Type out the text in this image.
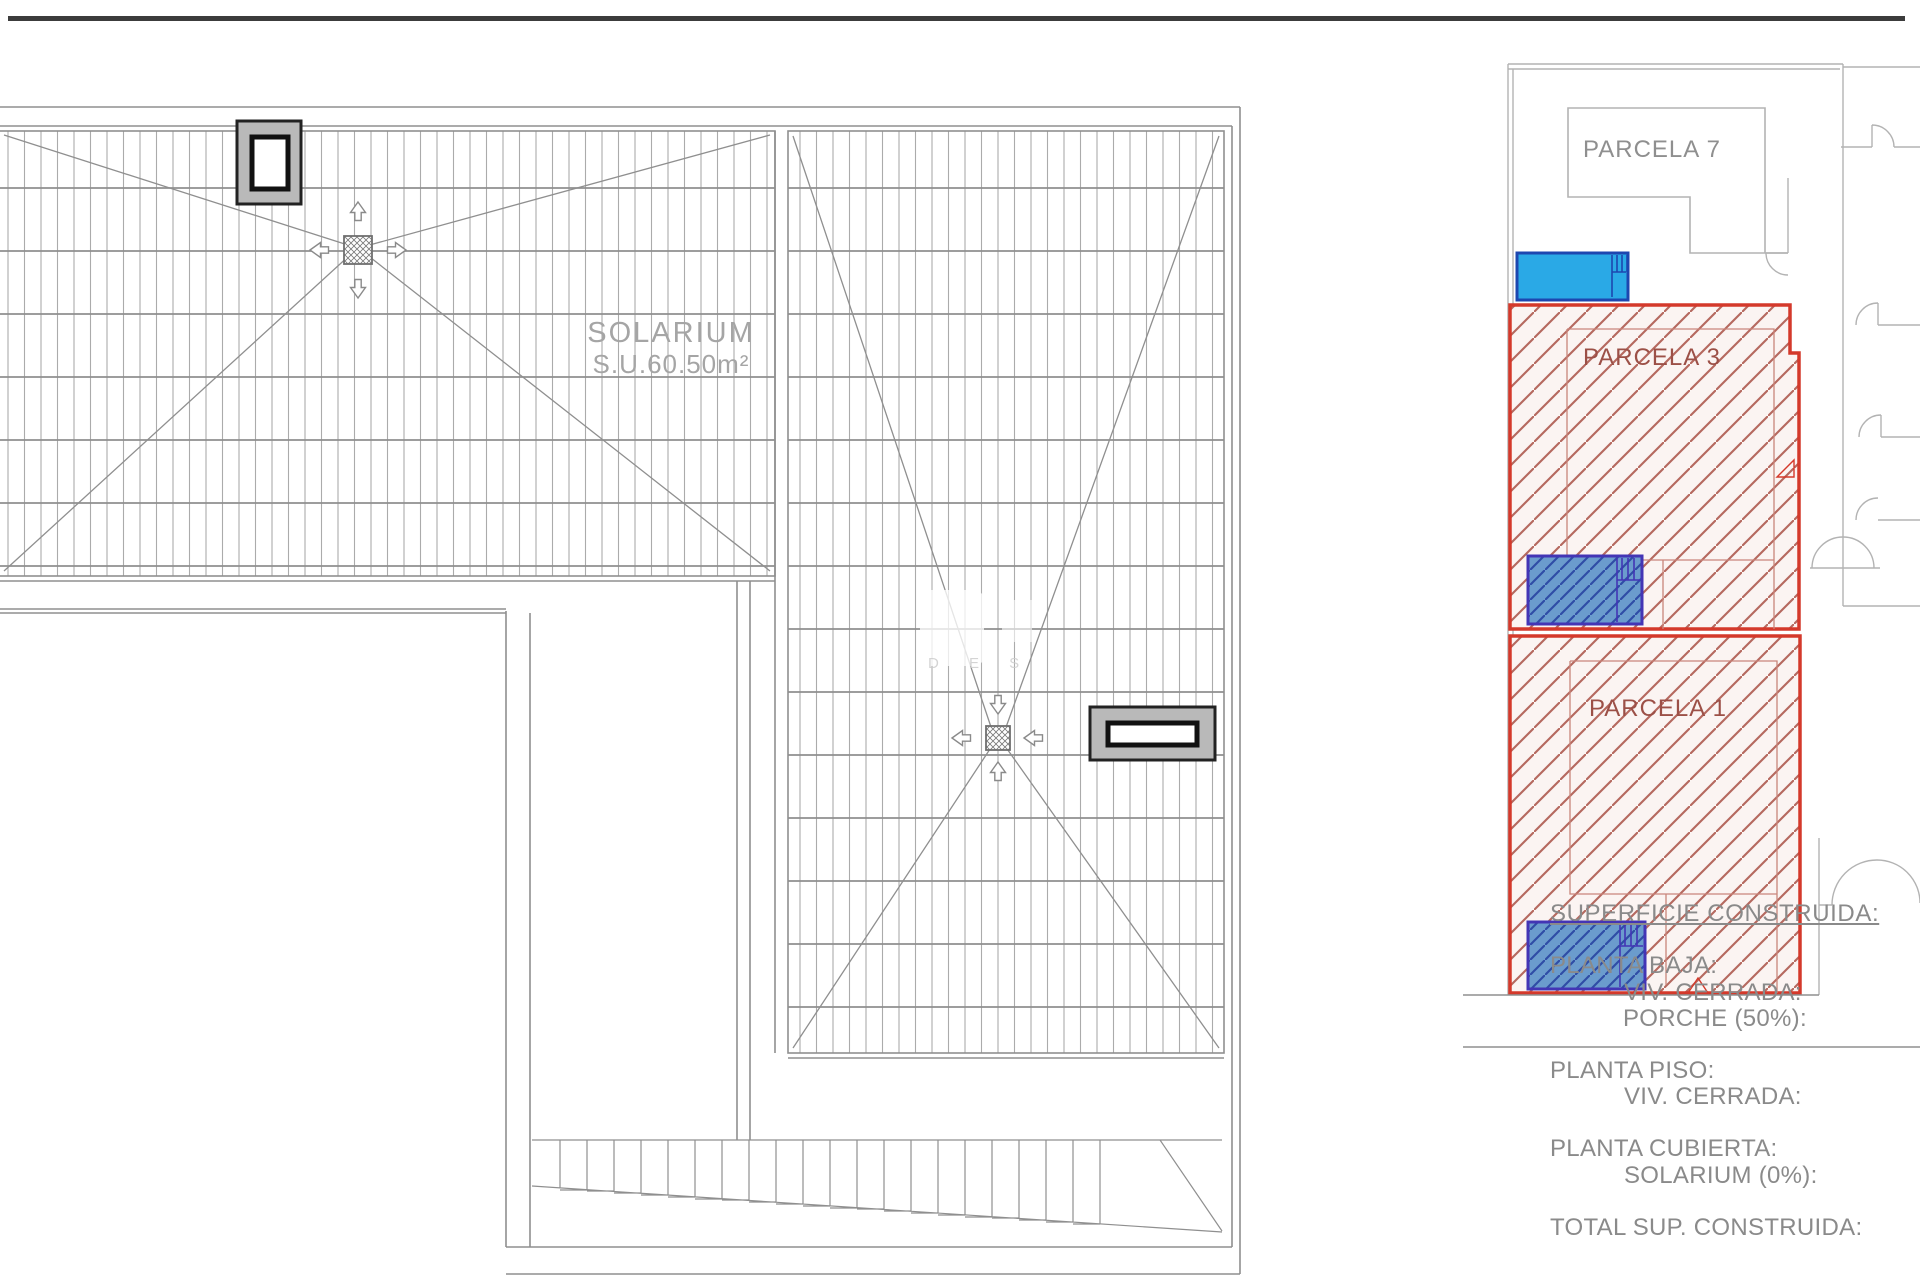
SOLARIUM
S.U.60.50m²
D E S
PARCELA 7
PARCELA 3
PARCELA 1
SUPERFICIE CONSTRUIDA:
PLANTA BAJA:
VIV. CERRADA:
PORCHE (50%):
PLANTA PISO:
VIV. CERRADA:
PLANTA CUBIERTA:
SOLARIUM (0%):
TOTAL SUP. CONSTRUIDA:
